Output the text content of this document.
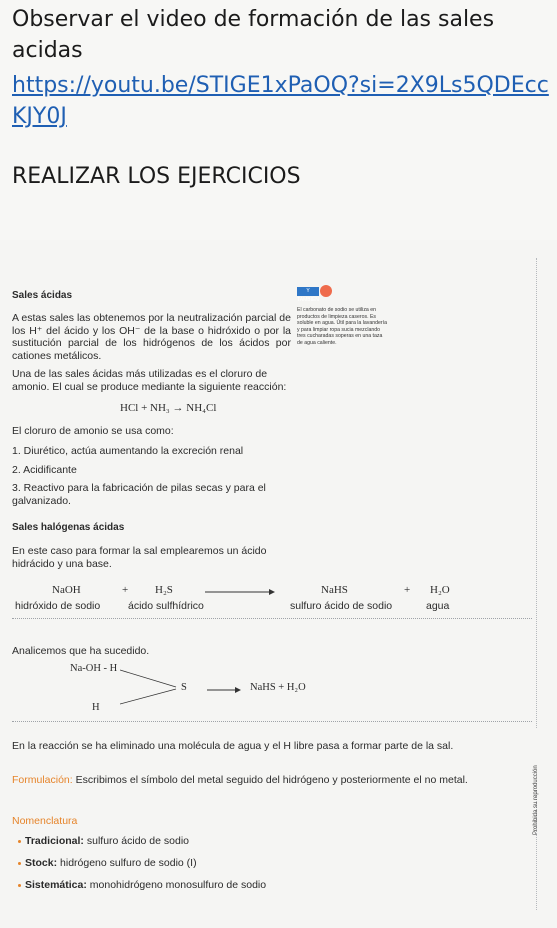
Observar el video de formación de las sales acidas
https://youtu.be/STIGE1xPaOQ?si=2X9Ls5QDEccKJY0J
REALIZAR LOS EJERCICIOS
Sales ácidas
A estas sales las obtenemos por la neutralización parcial de los H⁺ del ácido y los OH⁻ de la base o hidróxido o por la sustitución parcial de los hidrógenos de los ácidos por cationes metálicos.
Una de las sales ácidas más utilizadas es el cloruro de amonio. El cual se produce mediante la siguiente reacción:
Y TAMBIÉN
El carbonato de sodio se utiliza en productos de limpieza caseros. Es soluble en agua. Útil para la lavandería y para limpiar ropa sucia mezclando tres cucharadas soperas en una taza de agua caliente.
HCl + NH₃ → NH₄Cl
El cloruro de amonio se usa como:
1. Diurético, actúa aumentando la excreción renal
2. Acidificante
3. Reactivo para la fabricación de pilas secas y para el galvanizado.
Sales halógenas ácidas
En este caso para formar la sal emplearemos un ácido hidrácido y una base.
NaOH	+ H₂S	NaHS	+ H₂O
hidróxido de sodio	ácido sulfhídrico	sulfuro ácido de sodio	agua
Analicemos que ha sucedido.
Na-OH - H
S
H
NaHS + H₂O
En la reacción se ha eliminado una molécula de agua y el H libre pasa a formar parte de la sal.
Formulación: Escribimos el símbolo del metal seguido del hidrógeno y posteriormente el no metal.
Nomenclatura
Tradicional: sulfuro ácido de sodio
Stock: hidrógeno sulfuro de sodio (I)
Sistemática: monohidrógeno monosulfuro de sodio
Prohibida su reproducción
